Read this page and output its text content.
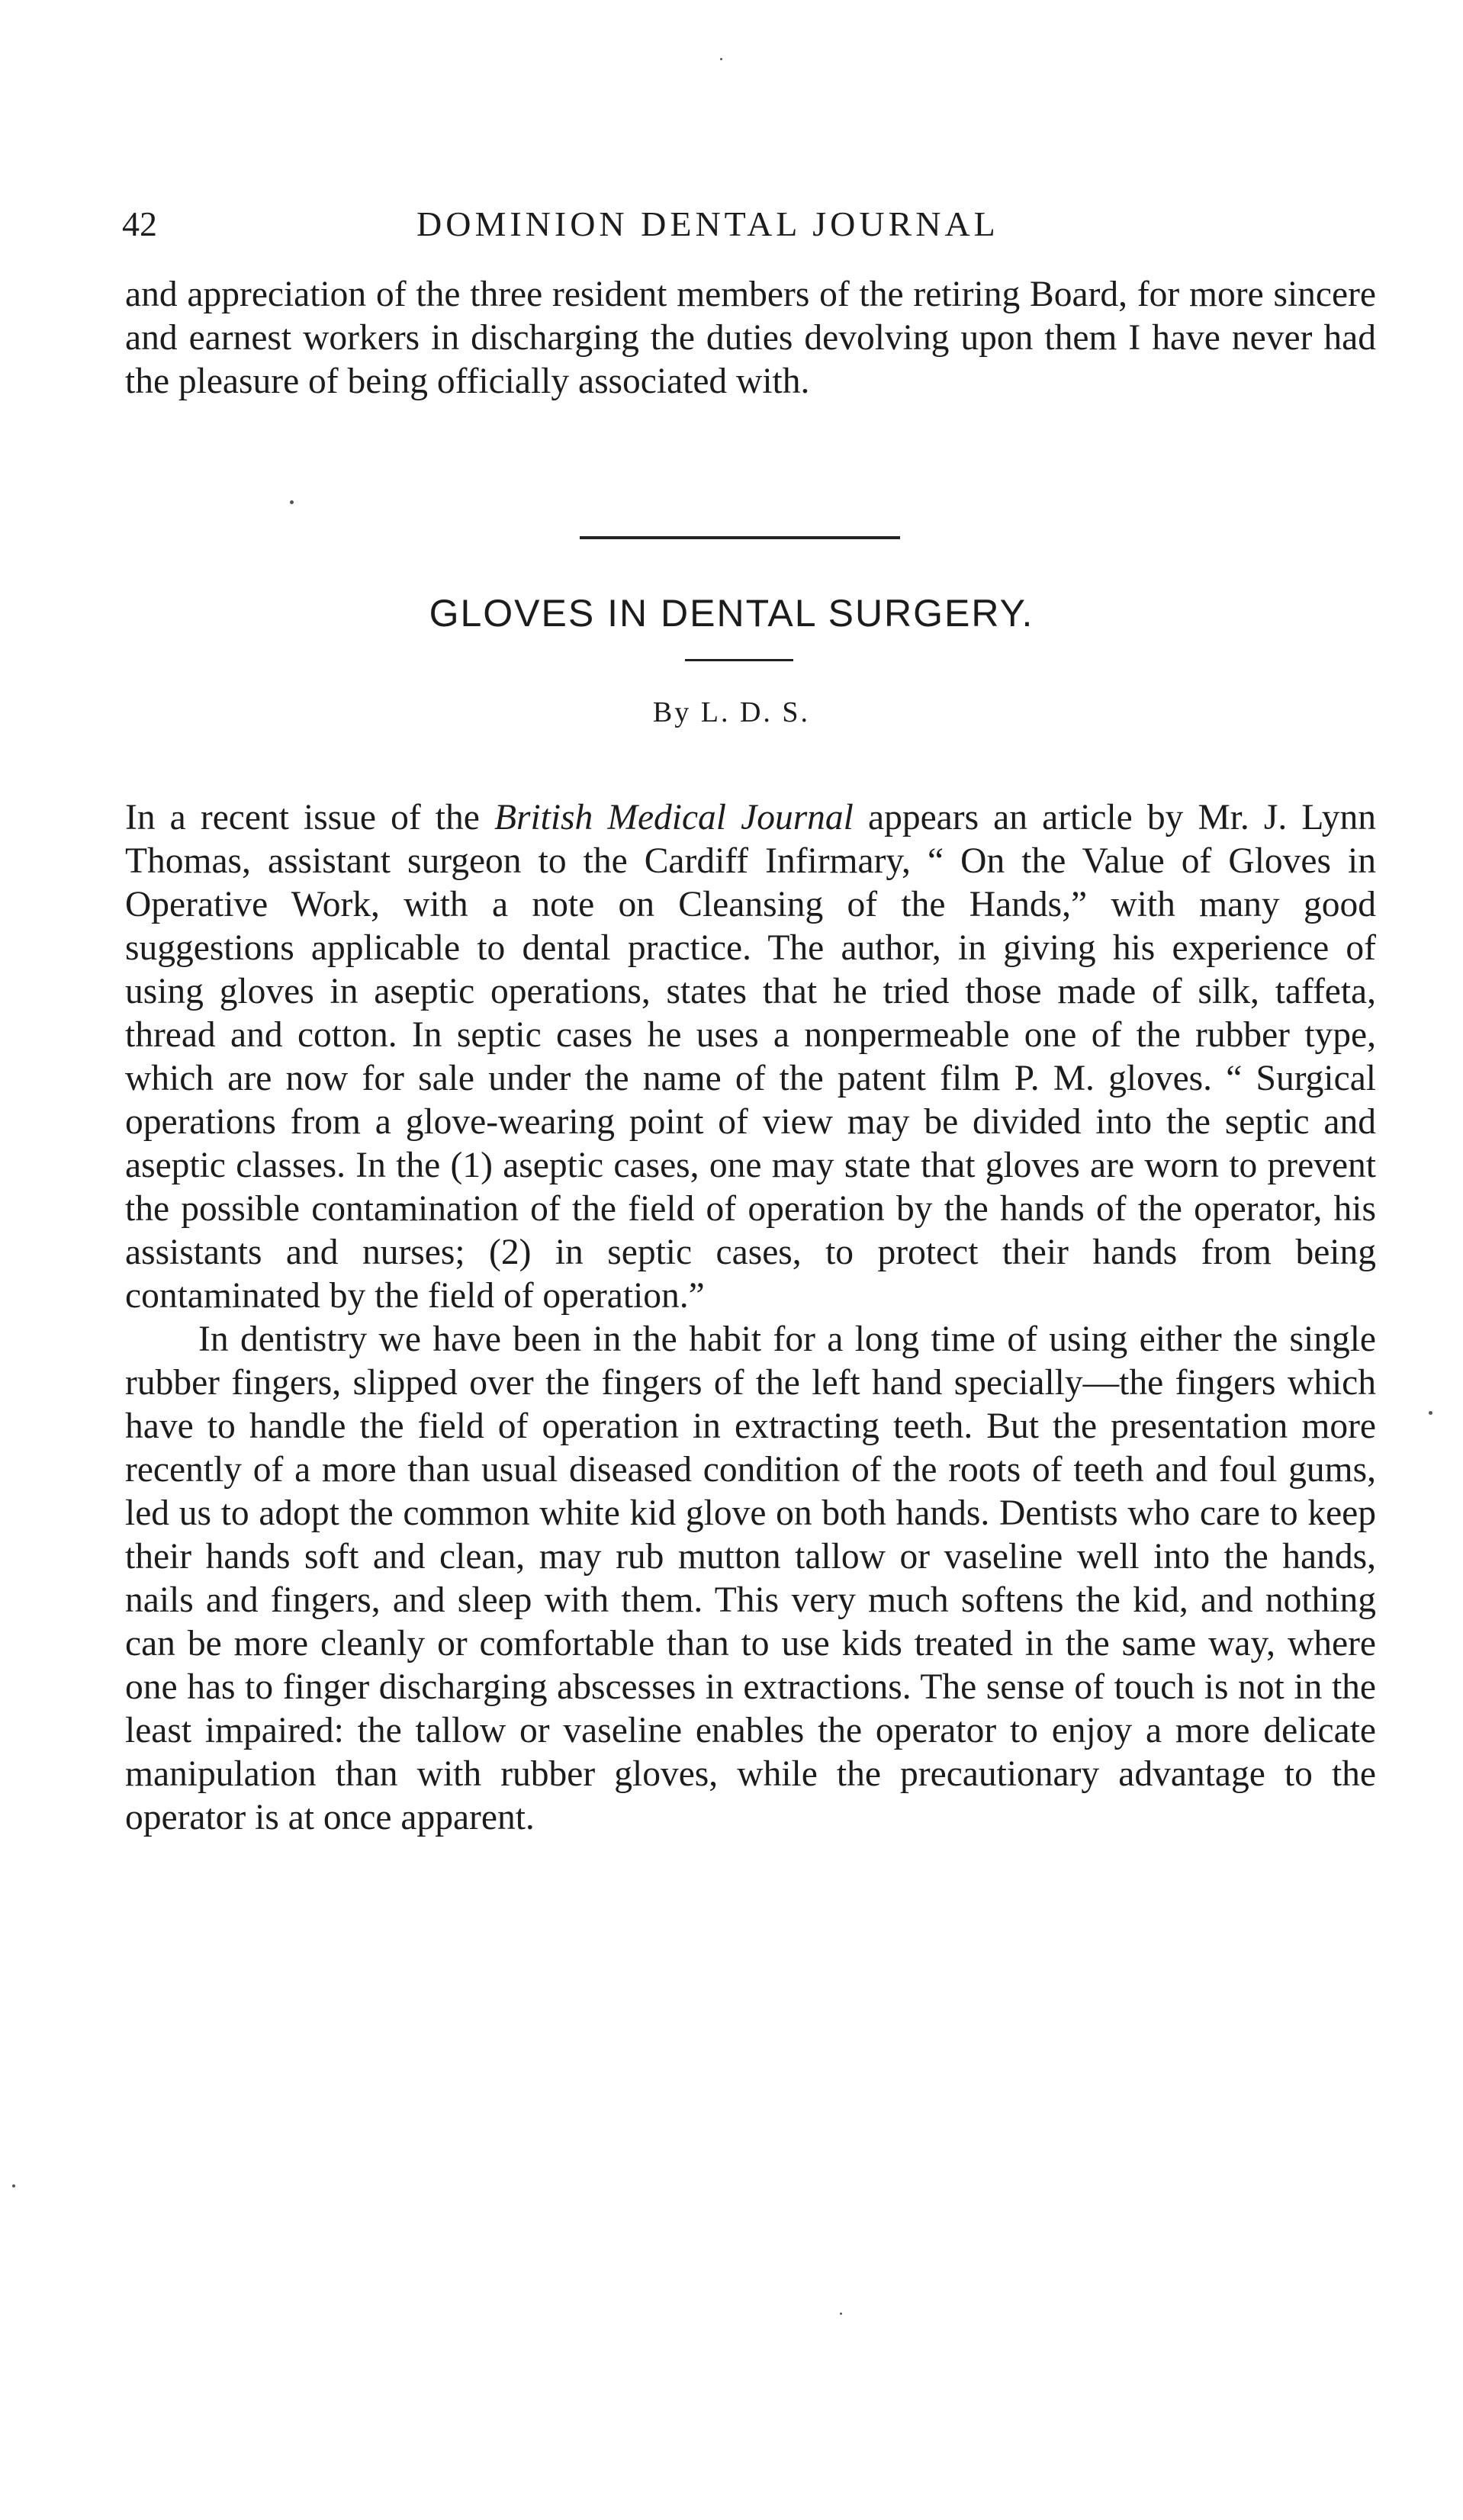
42	DOMINION DENTAL JOURNAL

and appreciation of the three resident members of the retiring Board, for more sincere and earnest workers in discharging the duties devolving upon them I have never had the pleasure of being officially associated with.

GLOVES IN DENTAL SURGERY.
By L. D. S.

In a recent issue of the British Medical Journal appears an article by Mr. J. Lynn Thomas, assistant surgeon to the Cardiff Infirmary, “ On the Value of Gloves in Operative Work, with a note on Cleansing of the Hands,” with many good suggestions applicable to dental practice. The author, in giving his experience of using gloves in aseptic operations, states that he tried those made of silk, taffeta, thread and cotton. In septic cases he uses a nonpermeable one of the rubber type, which are now for sale under the name of the patent film P. M. gloves. “ Surgical operations from a glove-wearing point of view may be divided into the septic and aseptic classes. In the (1) aseptic cases, one may state that gloves are worn to prevent the possible contamination of the field of operation by the hands of the operator, his assistants and nurses; (2) in septic cases, to protect their hands from being contaminated by the field of operation.”

In dentistry we have been in the habit for a long time of using either the single rubber fingers, slipped over the fingers of the left hand specially—the fingers which have to handle the field of operation in extracting teeth. But the presentation more recently of a more than usual diseased condition of the roots of teeth and foul gums, led us to adopt the common white kid glove on both hands. Dentists who care to keep their hands soft and clean, may rub mutton tallow or vaseline well into the hands, nails and fingers, and sleep with them. This very much softens the kid, and nothing can be more cleanly or comfortable than to use kids treated in the same way, where one has to finger discharging abscesses in extractions. The sense of touch is not in the least impaired: the tallow or vaseline enables the operator to enjoy a more delicate manipulation than with rubber gloves, while the precautionary advantage to the operator is at once apparent.
